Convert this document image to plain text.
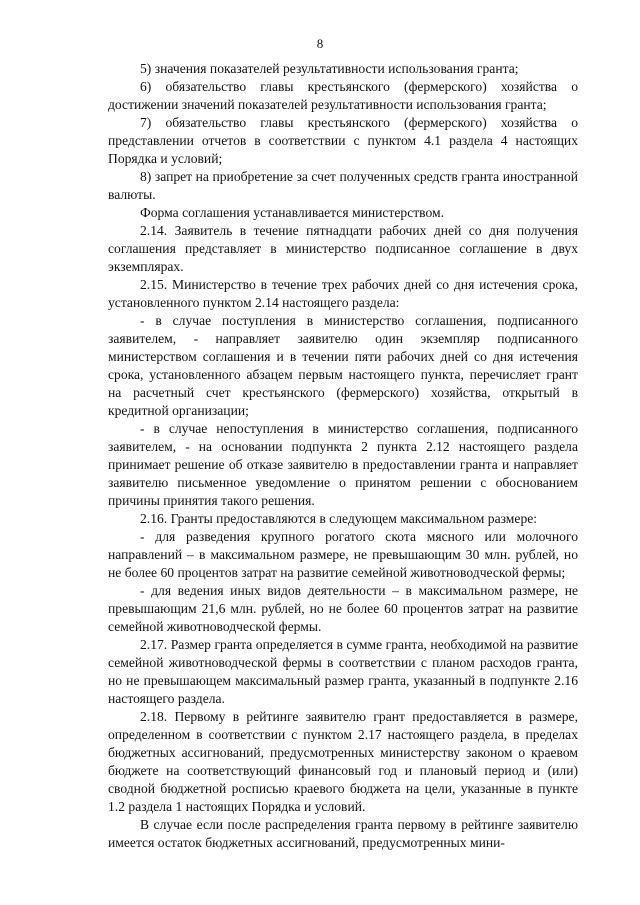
8

5) значения показателей результативности использования гранта;

6) обязательство главы крестьянского (фермерского) хозяйства о достижении значений показателей результативности использования гранта;

7) обязательство главы крестьянского (фермерского) хозяйства о представлении отчетов в соответствии с пунктом 4.1 раздела 4 настоящих Порядка и условий;

8) запрет на приобретение за счет полученных средств гранта иностранной валюты.

Форма соглашения устанавливается министерством.

2.14. Заявитель в течение пятнадцати рабочих дней со дня получения соглашения представляет в министерство подписанное соглашение в двух экземплярах.

2.15. Министерство в течение трех рабочих дней со дня истечения срока, установленного пунктом 2.14 настоящего раздела:

- в случае поступления в министерство соглашения, подписанного заявителем, - направляет заявителю один экземпляр подписанного министерством соглашения и в течении пяти рабочих дней со дня истечения срока, установленного абзацем первым настоящего пункта, перечисляет грант на расчетный счет крестьянского (фермерского) хозяйства, открытый в кредитной организации;

- в случае непоступления в министерство соглашения, подписанного заявителем, - на основании подпункта 2 пункта 2.12 настоящего раздела принимает решение об отказе заявителю в предоставлении гранта и направляет заявителю письменное уведомление о принятом решении с обоснованием причины принятия такого решения.

2.16. Гранты предоставляются в следующем максимальном размере:

- для разведения крупного рогатого скота мясного или молочного направлений – в максимальном размере, не превышающим 30 млн. рублей, но не более 60 процентов затрат на развитие семейной животноводческой фермы;

- для ведения иных видов деятельности – в максимальном размере, не превышающим 21,6 млн. рублей, но не более 60 процентов затрат на развитие семейной животноводческой фермы.

2.17. Размер гранта определяется в сумме гранта, необходимой на развитие семейной животноводческой фермы в соответствии с планом расходов гранта, но не превышающем максимальный размер гранта, указанный в подпункте 2.16 настоящего раздела.

2.18. Первому в рейтинге заявителю грант предоставляется в размере, определенном в соответствии с пунктом 2.17 настоящего раздела, в пределах бюджетных ассигнований, предусмотренных министерству законом о краевом бюджете на соответствующий финансовый год и плановый период и (или) сводной бюджетной росписью краевого бюджета на цели, указанные в пункте 1.2 раздела 1 настоящих Порядка и условий.

В случае если после распределения гранта первому в рейтинге заявителю имеется остаток бюджетных ассигнований, предусмотренных мини-
